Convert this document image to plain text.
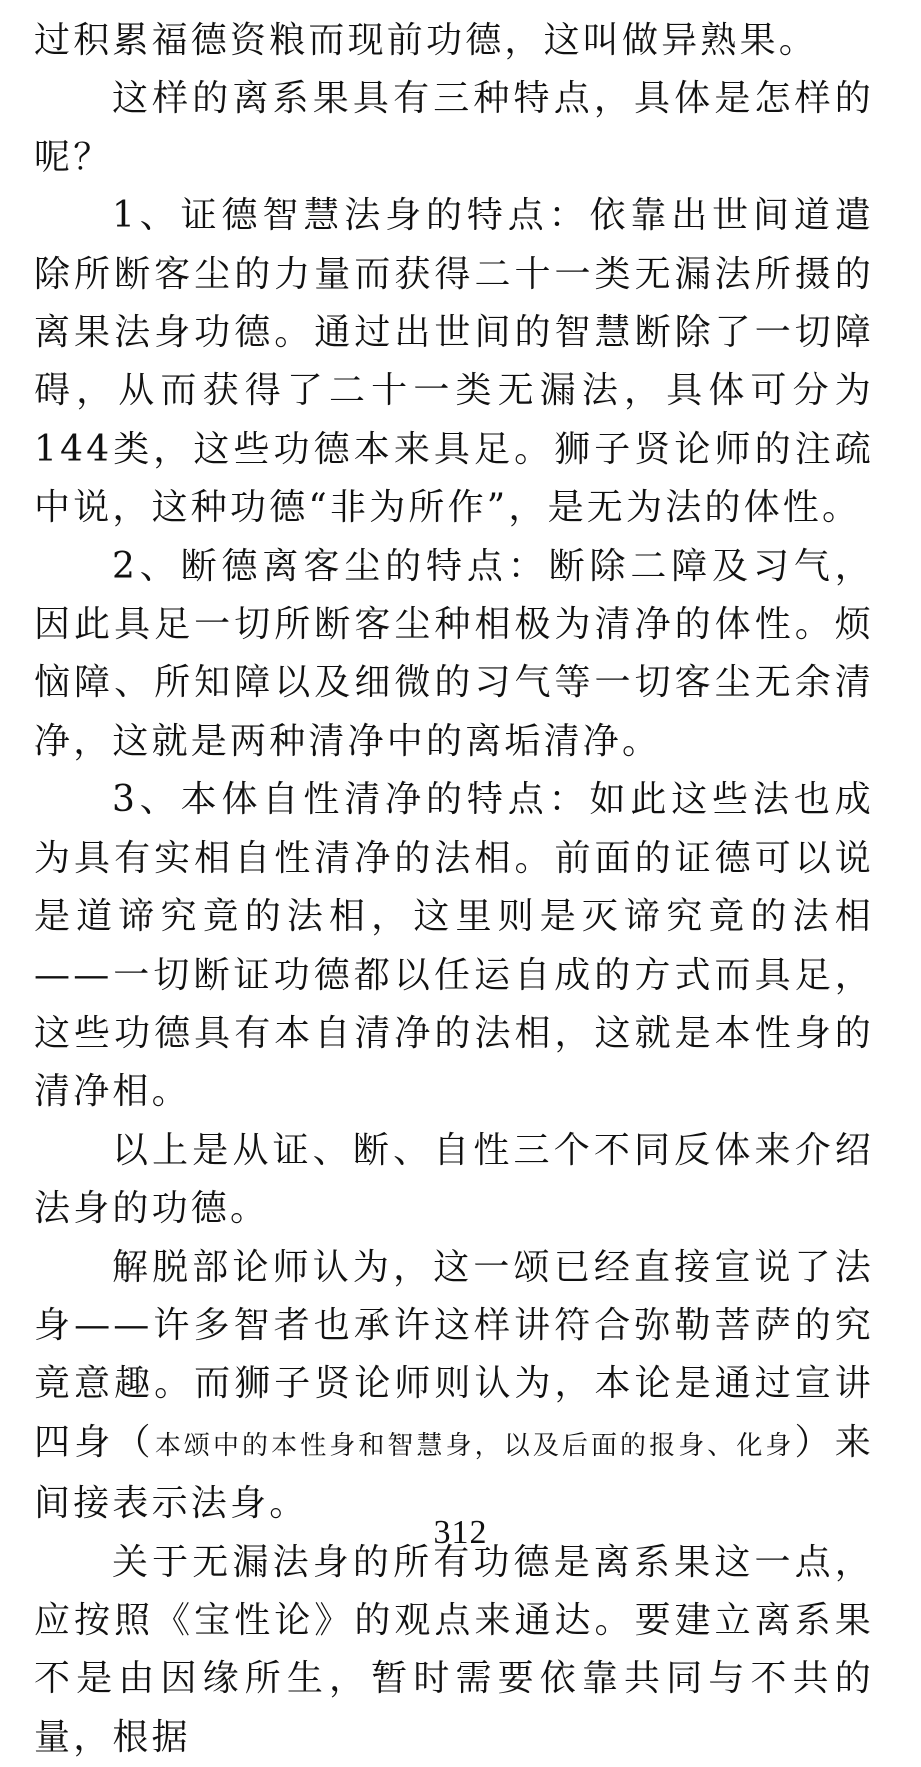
过积累福德资粮而现前功德，这叫做异熟果。

这样的离系果具有三种特点，具体是怎样的呢？

1、证德智慧法身的特点：依靠出世间道遣除所断客尘的力量而获得二十一类无漏法所摄的离果法身功德。通过出世间的智慧断除了一切障碍，从而获得了二十一类无漏法，具体可分为144类，这些功德本来具足。狮子贤论师的注疏中说，这种功德“非为所作”，是无为法的体性。

2、断德离客尘的特点：断除二障及习气，因此具足一切所断客尘种相极为清净的体性。烦恼障、所知障以及细微的习气等一切客尘无余清净，这就是两种清净中的离垢清净。

3、本体自性清净的特点：如此这些法也成为具有实相自性清净的法相。前面的证德可以说是道谛究竟的法相，这里则是灭谛究竟的法相——一切断证功德都以任运自成的方式而具足，这些功德具有本自清净的法相，这就是本性身的清净相。

以上是从证、断、自性三个不同反体来介绍法身的功德。

解脱部论师认为，这一颂已经直接宣说了法身——许多智者也承许这样讲符合弥勒菩萨的究竟意趣。而狮子贤论师则认为，本论是通过宣讲四身（本颂中的本性身和智慧身，以及后面的报身、化身）来间接表示法身。

关于无漏法身的所有功德是离系果这一点，应按照《宝性论》的观点来通达。要建立离系果不是由因缘所生，暂时需要依靠共同与不共的量，根据

312
